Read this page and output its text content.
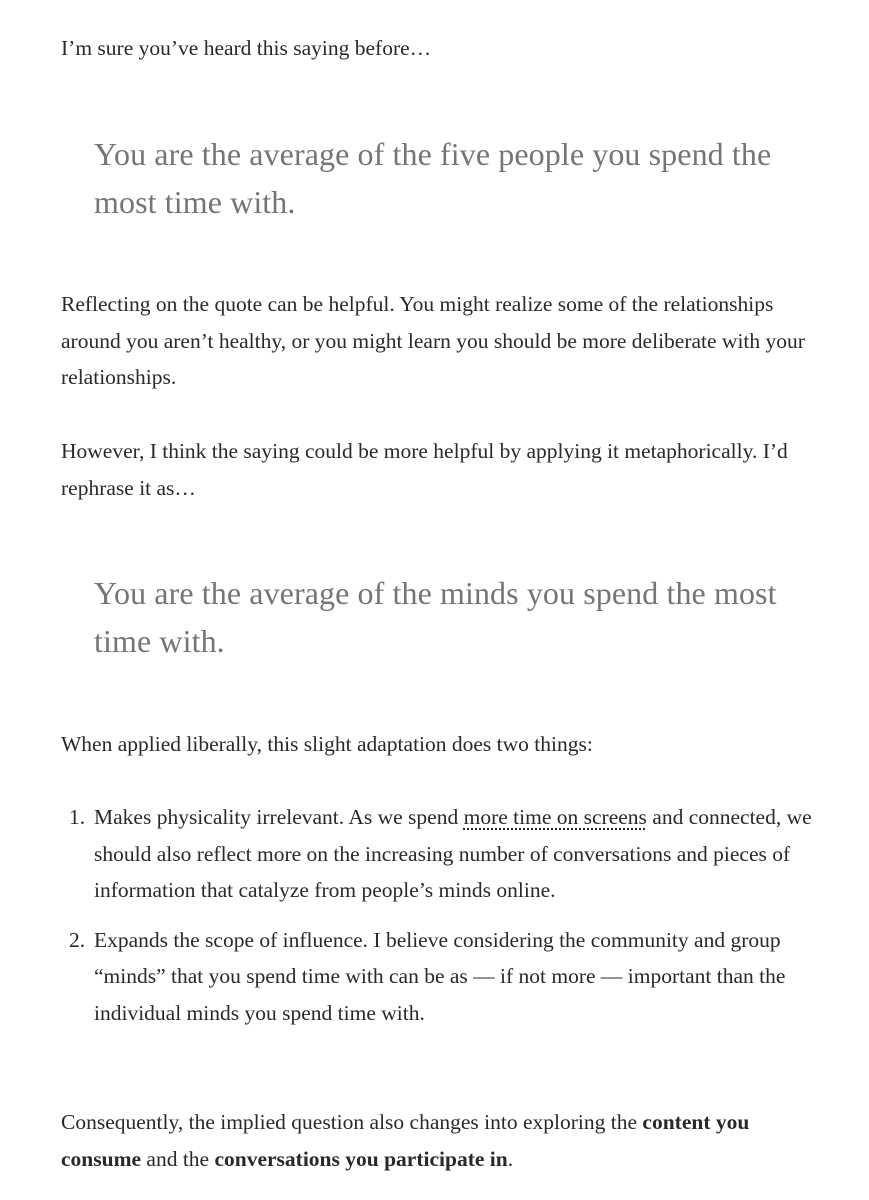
I’m sure you’ve heard this saying before…

You are the average of the five people you spend the most time with.

Reflecting on the quote can be helpful. You might realize some of the relationships around you aren’t healthy, or you might learn you should be more deliberate with your relationships.

However, I think the saying could be more helpful by applying it metaphorically. I’d rephrase it as…

You are the average of the minds you spend the most time with.

When applied liberally, this slight adaptation does two things:

1. Makes physicality irrelevant. As we spend more time on screens and connected, we should also reflect more on the increasing number of conversations and pieces of information that catalyze from people’s minds online.
2. Expands the scope of influence. I believe considering the community and group “minds” that you spend time with can be as — if not more — important than the individual minds you spend time with.

Consequently, the implied question also changes into exploring the content you consume and the conversations you participate in.
